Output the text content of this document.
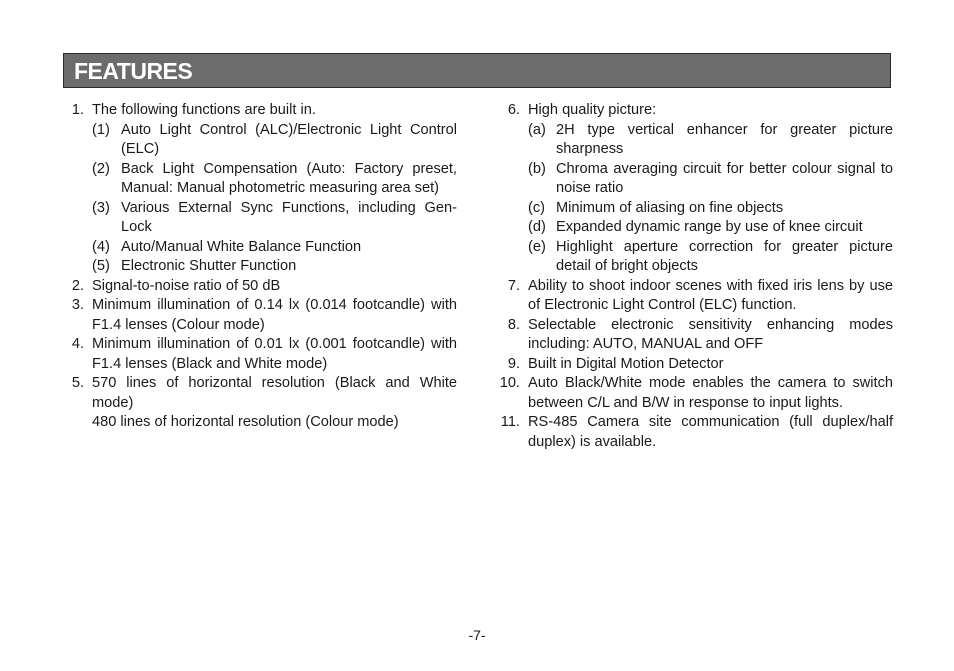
FEATURES
1. The following functions are built in.
(1) Auto Light Control (ALC)/Electronic Light Control (ELC)
(2) Back Light Compensation (Auto: Factory preset, Manual: Manual photometric measuring area set)
(3) Various External Sync Functions, including Gen-Lock
(4) Auto/Manual White Balance Function
(5) Electronic Shutter Function
2. Signal-to-noise ratio of 50 dB
3. Minimum illumination of 0.14 lx (0.014 footcandle) with F1.4 lenses (Colour mode)
4. Minimum illumination of 0.01 lx (0.001 footcandle) with F1.4 lenses (Black and White mode)
5. 570 lines of horizontal resolution (Black and White mode)
480 lines of horizontal resolution (Colour mode)
6. High quality picture:
(a) 2H type vertical enhancer for greater picture sharpness
(b) Chroma averaging circuit for better colour signal to noise ratio
(c) Minimum of aliasing on fine objects
(d) Expanded dynamic range by use of knee circuit
(e) Highlight aperture correction for greater picture detail of bright objects
7. Ability to shoot indoor scenes with fixed iris lens by use of Electronic Light Control (ELC) function.
8. Selectable electronic sensitivity enhancing modes including: AUTO, MANUAL and OFF
9. Built in Digital Motion Detector
10. Auto Black/White mode enables the camera to switch between C/L and B/W in response to input lights.
11. RS-485 Camera site communication (full duplex/half duplex) is available.
-7-
